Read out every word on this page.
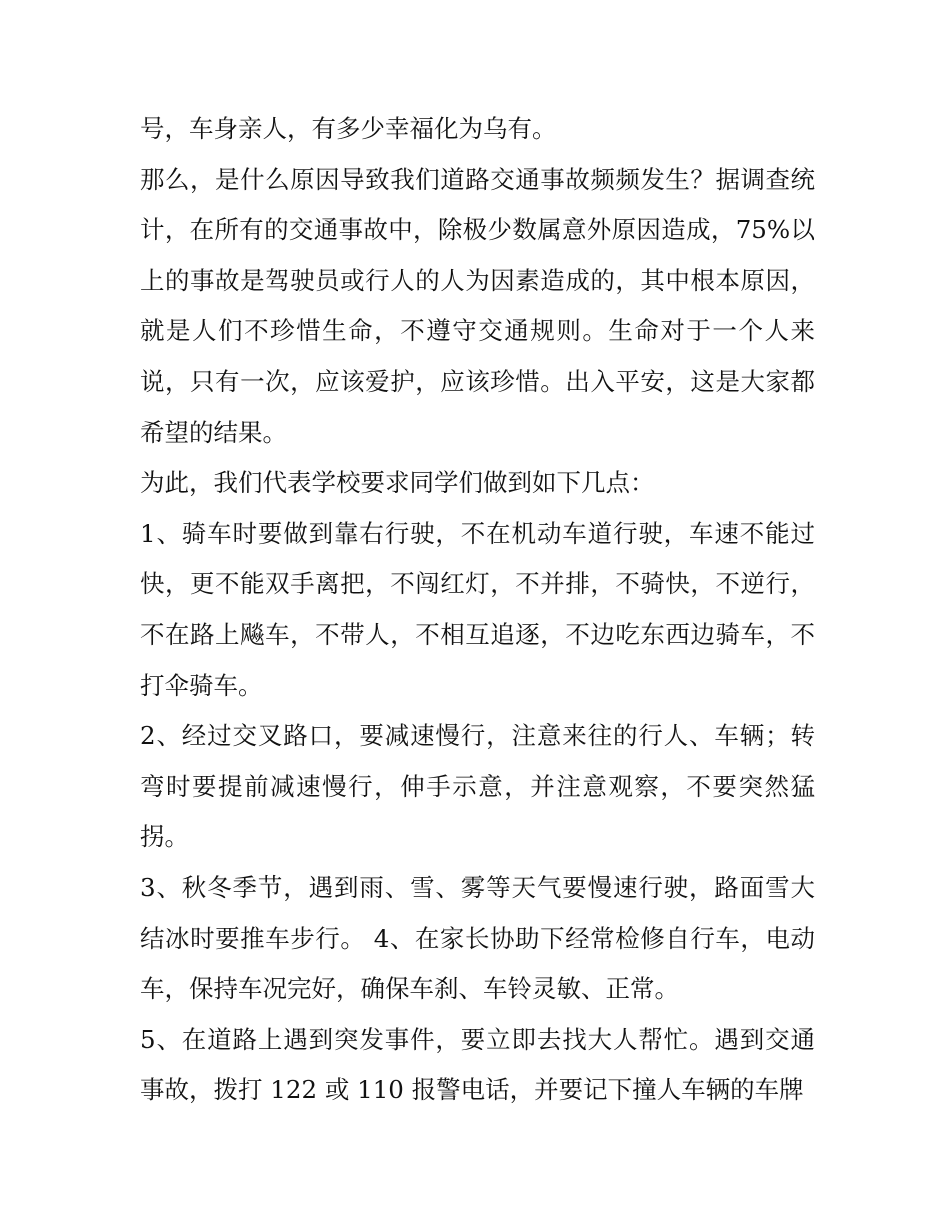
号，车身亲人，有多少幸福化为乌有。

那么，是什么原因导致我们道路交通事故频频发生？据调查统计，在所有的交通事故中，除极少数属意外原因造成，75%以上的事故是驾驶员或行人的人为因素造成的，其中根本原因，就是人们不珍惜生命，不遵守交通规则。生命对于一个人来说，只有一次，应该爱护，应该珍惜。出入平安，这是大家都希望的结果。

为此，我们代表学校要求同学们做到如下几点：

1、骑车时要做到靠右行驶，不在机动车道行驶，车速不能过快，更不能双手离把，不闯红灯，不并排，不骑快，不逆行，不在路上飚车，不带人，不相互追逐，不边吃东西边骑车，不打伞骑车。

2、经过交叉路口，要减速慢行，注意来往的行人、车辆；转弯时要提前减速慢行，伸手示意，并注意观察，不要突然猛拐。

3、秋冬季节，遇到雨、雪、雾等天气要慢速行驶，路面雪大结冰时要推车步行。 4、在家长协助下经常检修自行车，电动车，保持车况完好，确保车刹、车铃灵敏、正常。

5、在道路上遇到突发事件，要立即去找大人帮忙。遇到交通事故，拨打 122 或 110 报警电话，并要记下撞人车辆的车牌
